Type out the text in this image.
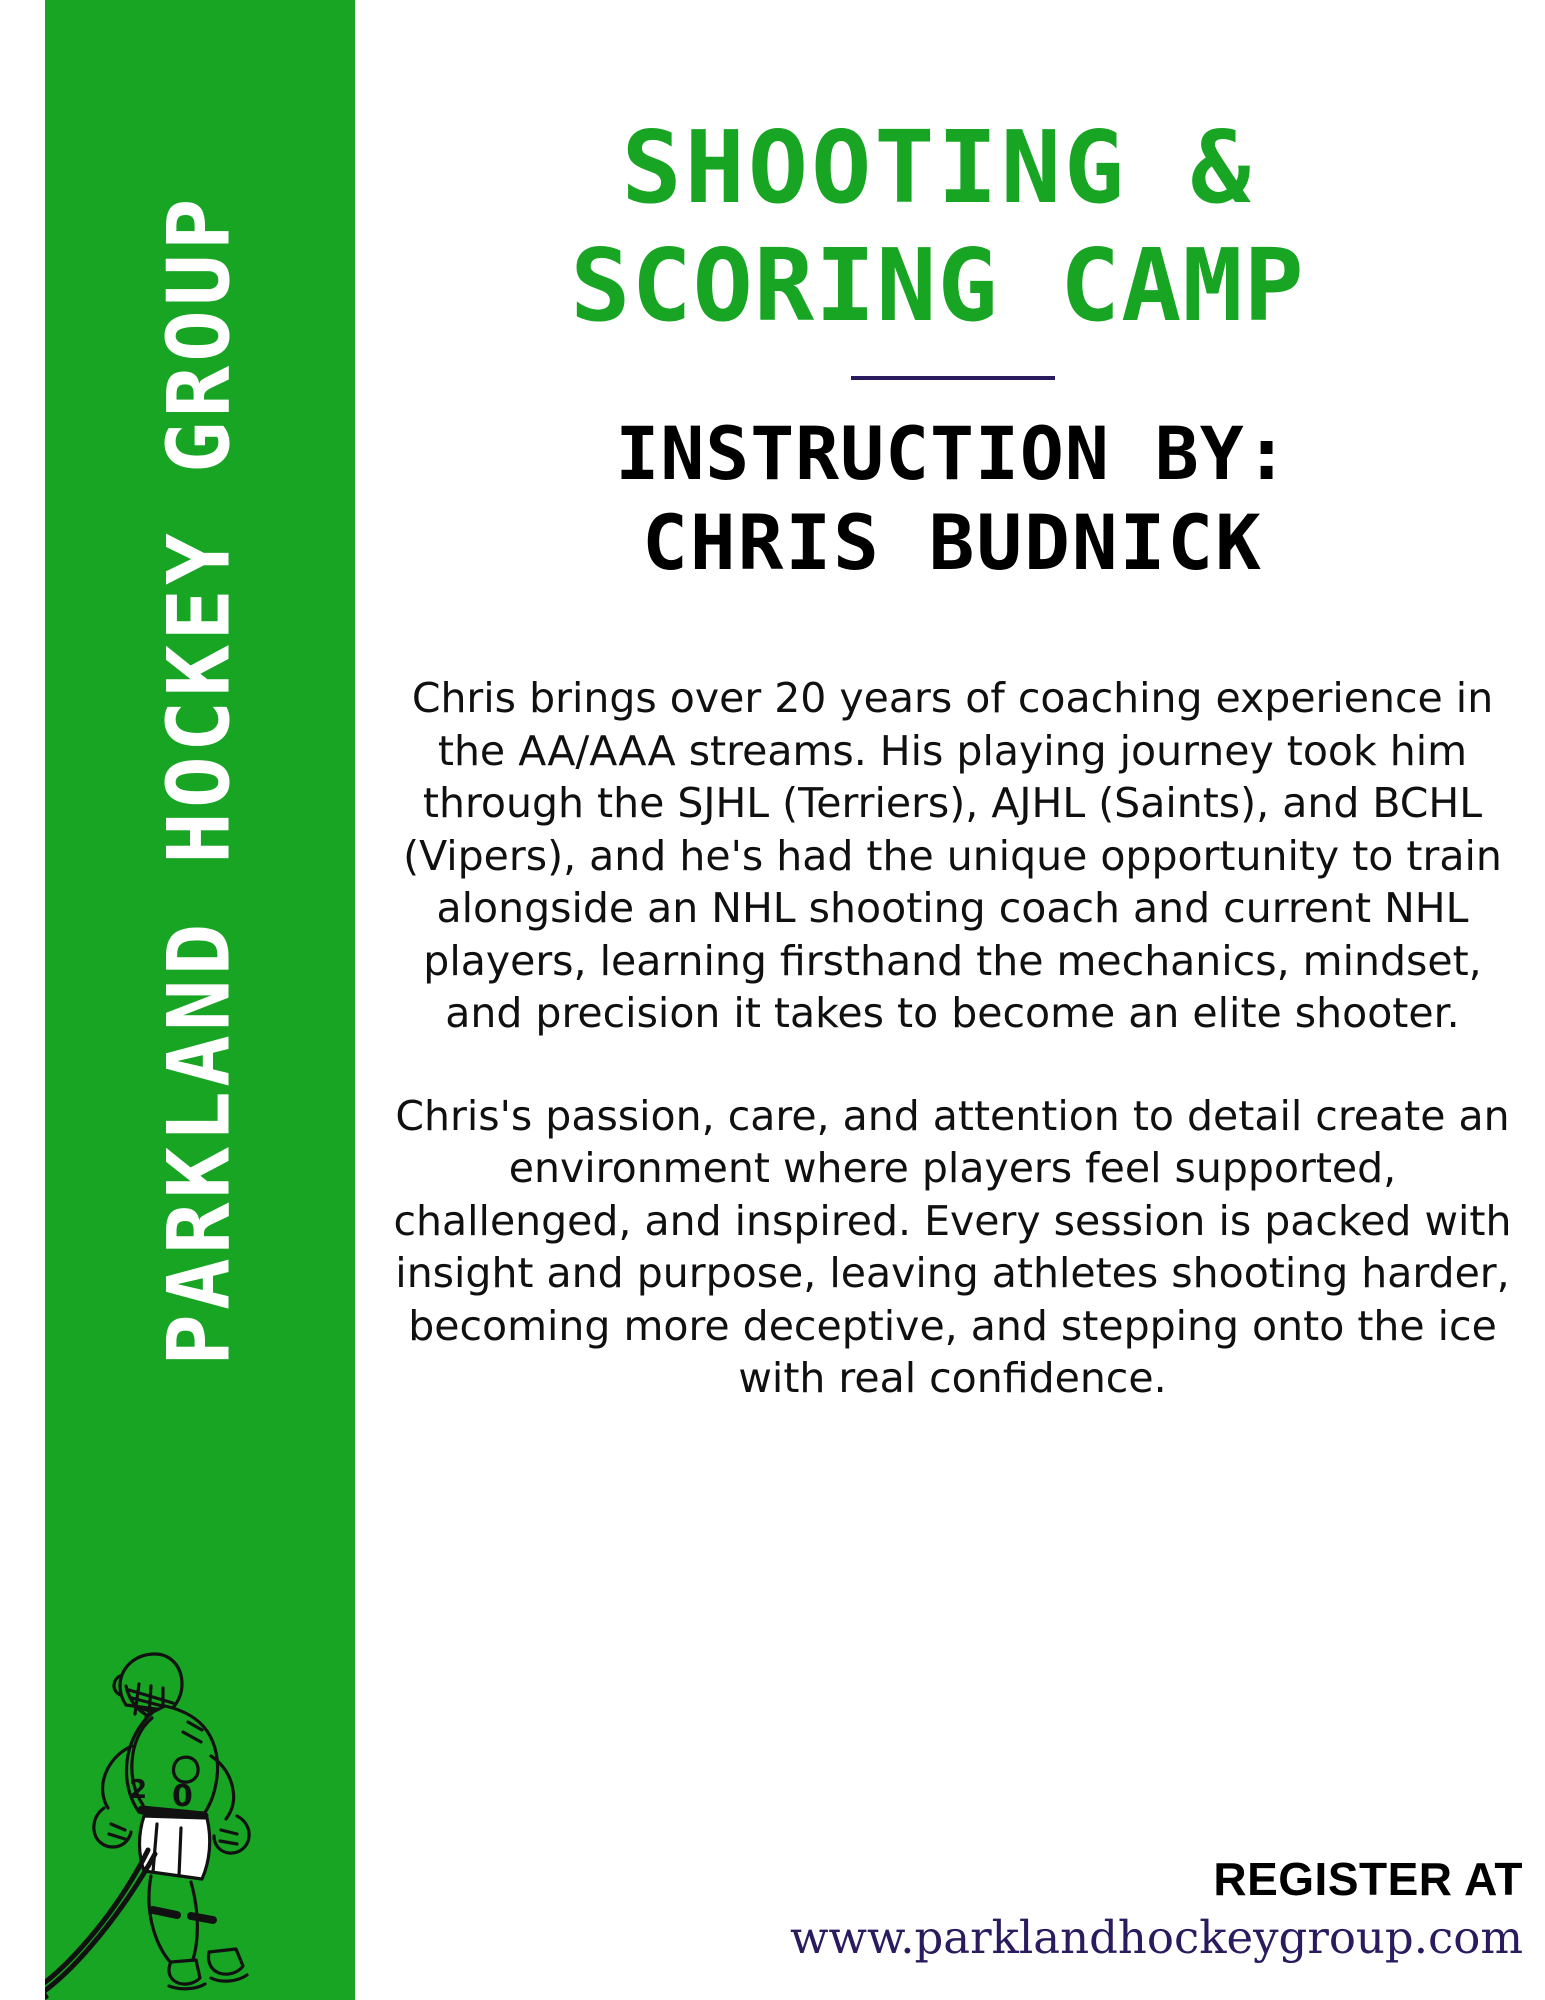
PARKLAND HOCKEY GROUP
2 0
SHOOTING &
SCORING CAMP
INSTRUCTION BY:
CHRIS BUDNICK

Chris brings over 20 years of coaching experience in the AA/AAA streams. His playing journey took him through the SJHL (Terriers), AJHL (Saints), and BCHL (Vipers), and he's had the unique opportunity to train alongside an NHL shooting coach and current NHL players, learning firsthand the mechanics, mindset, and precision it takes to become an elite shooter.

Chris's passion, care, and attention to detail create an environment where players feel supported, challenged, and inspired. Every session is packed with insight and purpose, leaving athletes shooting harder, becoming more deceptive, and stepping onto the ice with real confidence.

REGISTER AT
www.parklandhockeygroup.com
